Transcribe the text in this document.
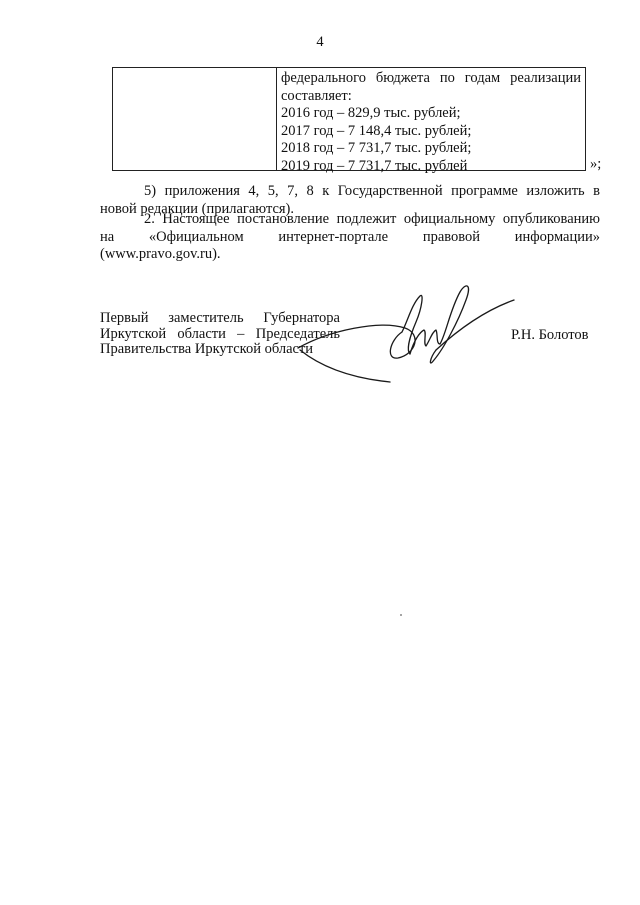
4
федерального бюджета по годам реализации
составляет:
2016 год – 829,9 тыс. рублей;
2017 год – 7 148,4 тыс. рублей;
2018 год – 7 731,7 тыс. рублей;
2019 год – 7 731,7 тыс. рублей	»;
5) приложения 4, 5, 7, 8 к Государственной программе изложить в
новой редакции (прилагаются).
2. Настоящее постановление подлежит официальному опубликованию
на «Официальном интернет-портале правовой информации»
(www.pravo.gov.ru).
Первый заместитель Губернатора
Иркутской области – Председатель
Правительства Иркутской области
Р.Н. Болотов
